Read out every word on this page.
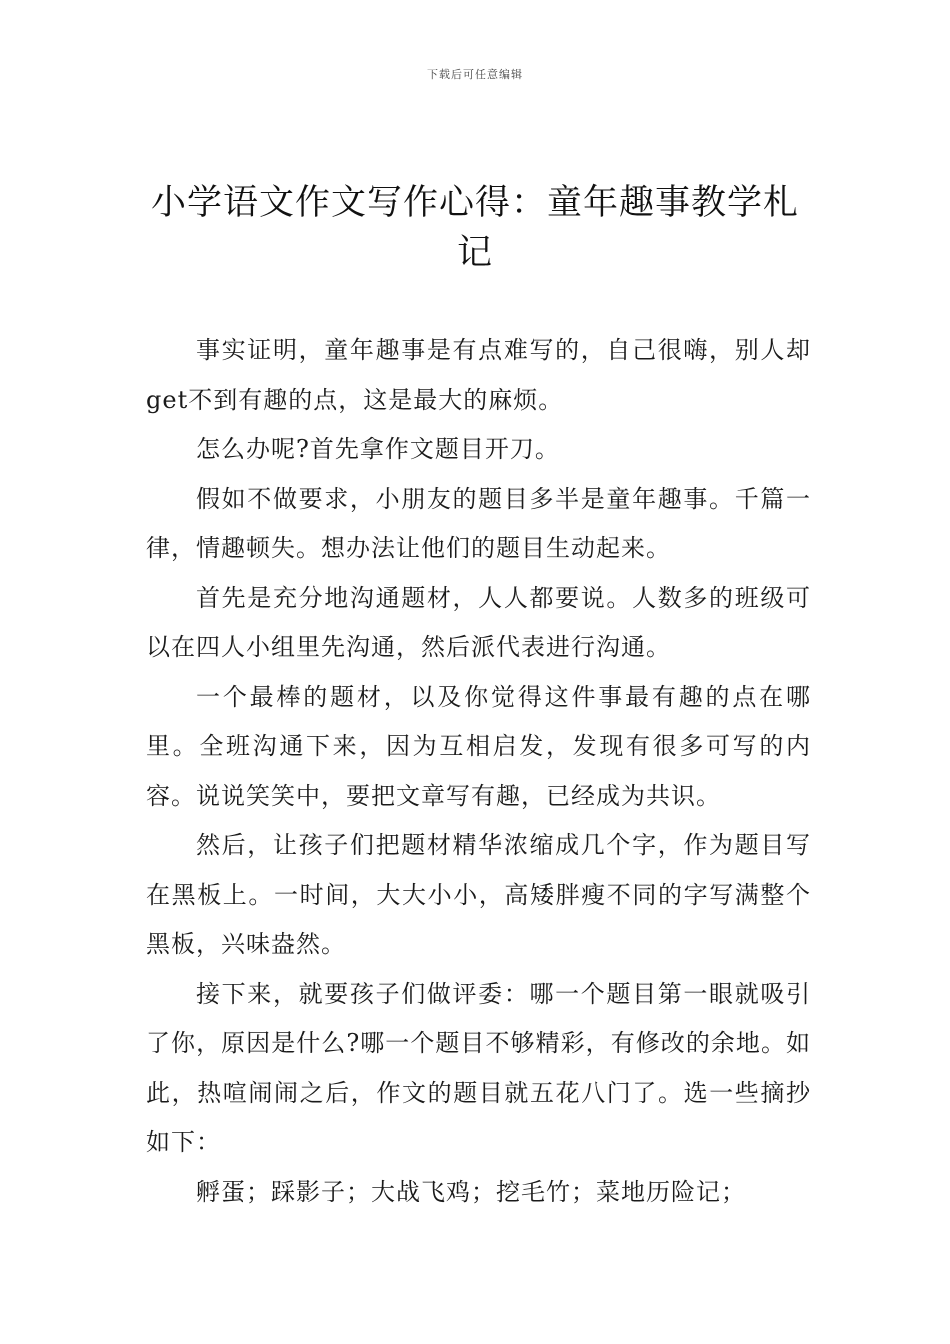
下载后可任意编辑
小学语文作文写作心得：童年趣事教学札记

事实证明，童年趣事是有点难写的，自己很嗨，别人却get不到有趣的点，这是最大的麻烦。

怎么办呢?首先拿作文题目开刀。

假如不做要求，小朋友的题目多半是童年趣事。千篇一律，情趣顿失。想办法让他们的题目生动起来。

首先是充分地沟通题材，人人都要说。人数多的班级可以在四人小组里先沟通，然后派代表进行沟通。

一个最棒的题材，以及你觉得这件事最有趣的点在哪里。全班沟通下来，因为互相启发，发现有很多可写的内容。说说笑笑中，要把文章写有趣，已经成为共识。

然后，让孩子们把题材精华浓缩成几个字，作为题目写在黑板上。一时间，大大小小，高矮胖瘦不同的字写满整个黑板，兴味盎然。

接下来，就要孩子们做评委：哪一个题目第一眼就吸引了你，原因是什么?哪一个题目不够精彩，有修改的余地。如此，热喧闹闹之后，作文的题目就五花八门了。选一些摘抄如下：

孵蛋；踩影子；大战飞鸡；挖毛竹；菜地历险记；
